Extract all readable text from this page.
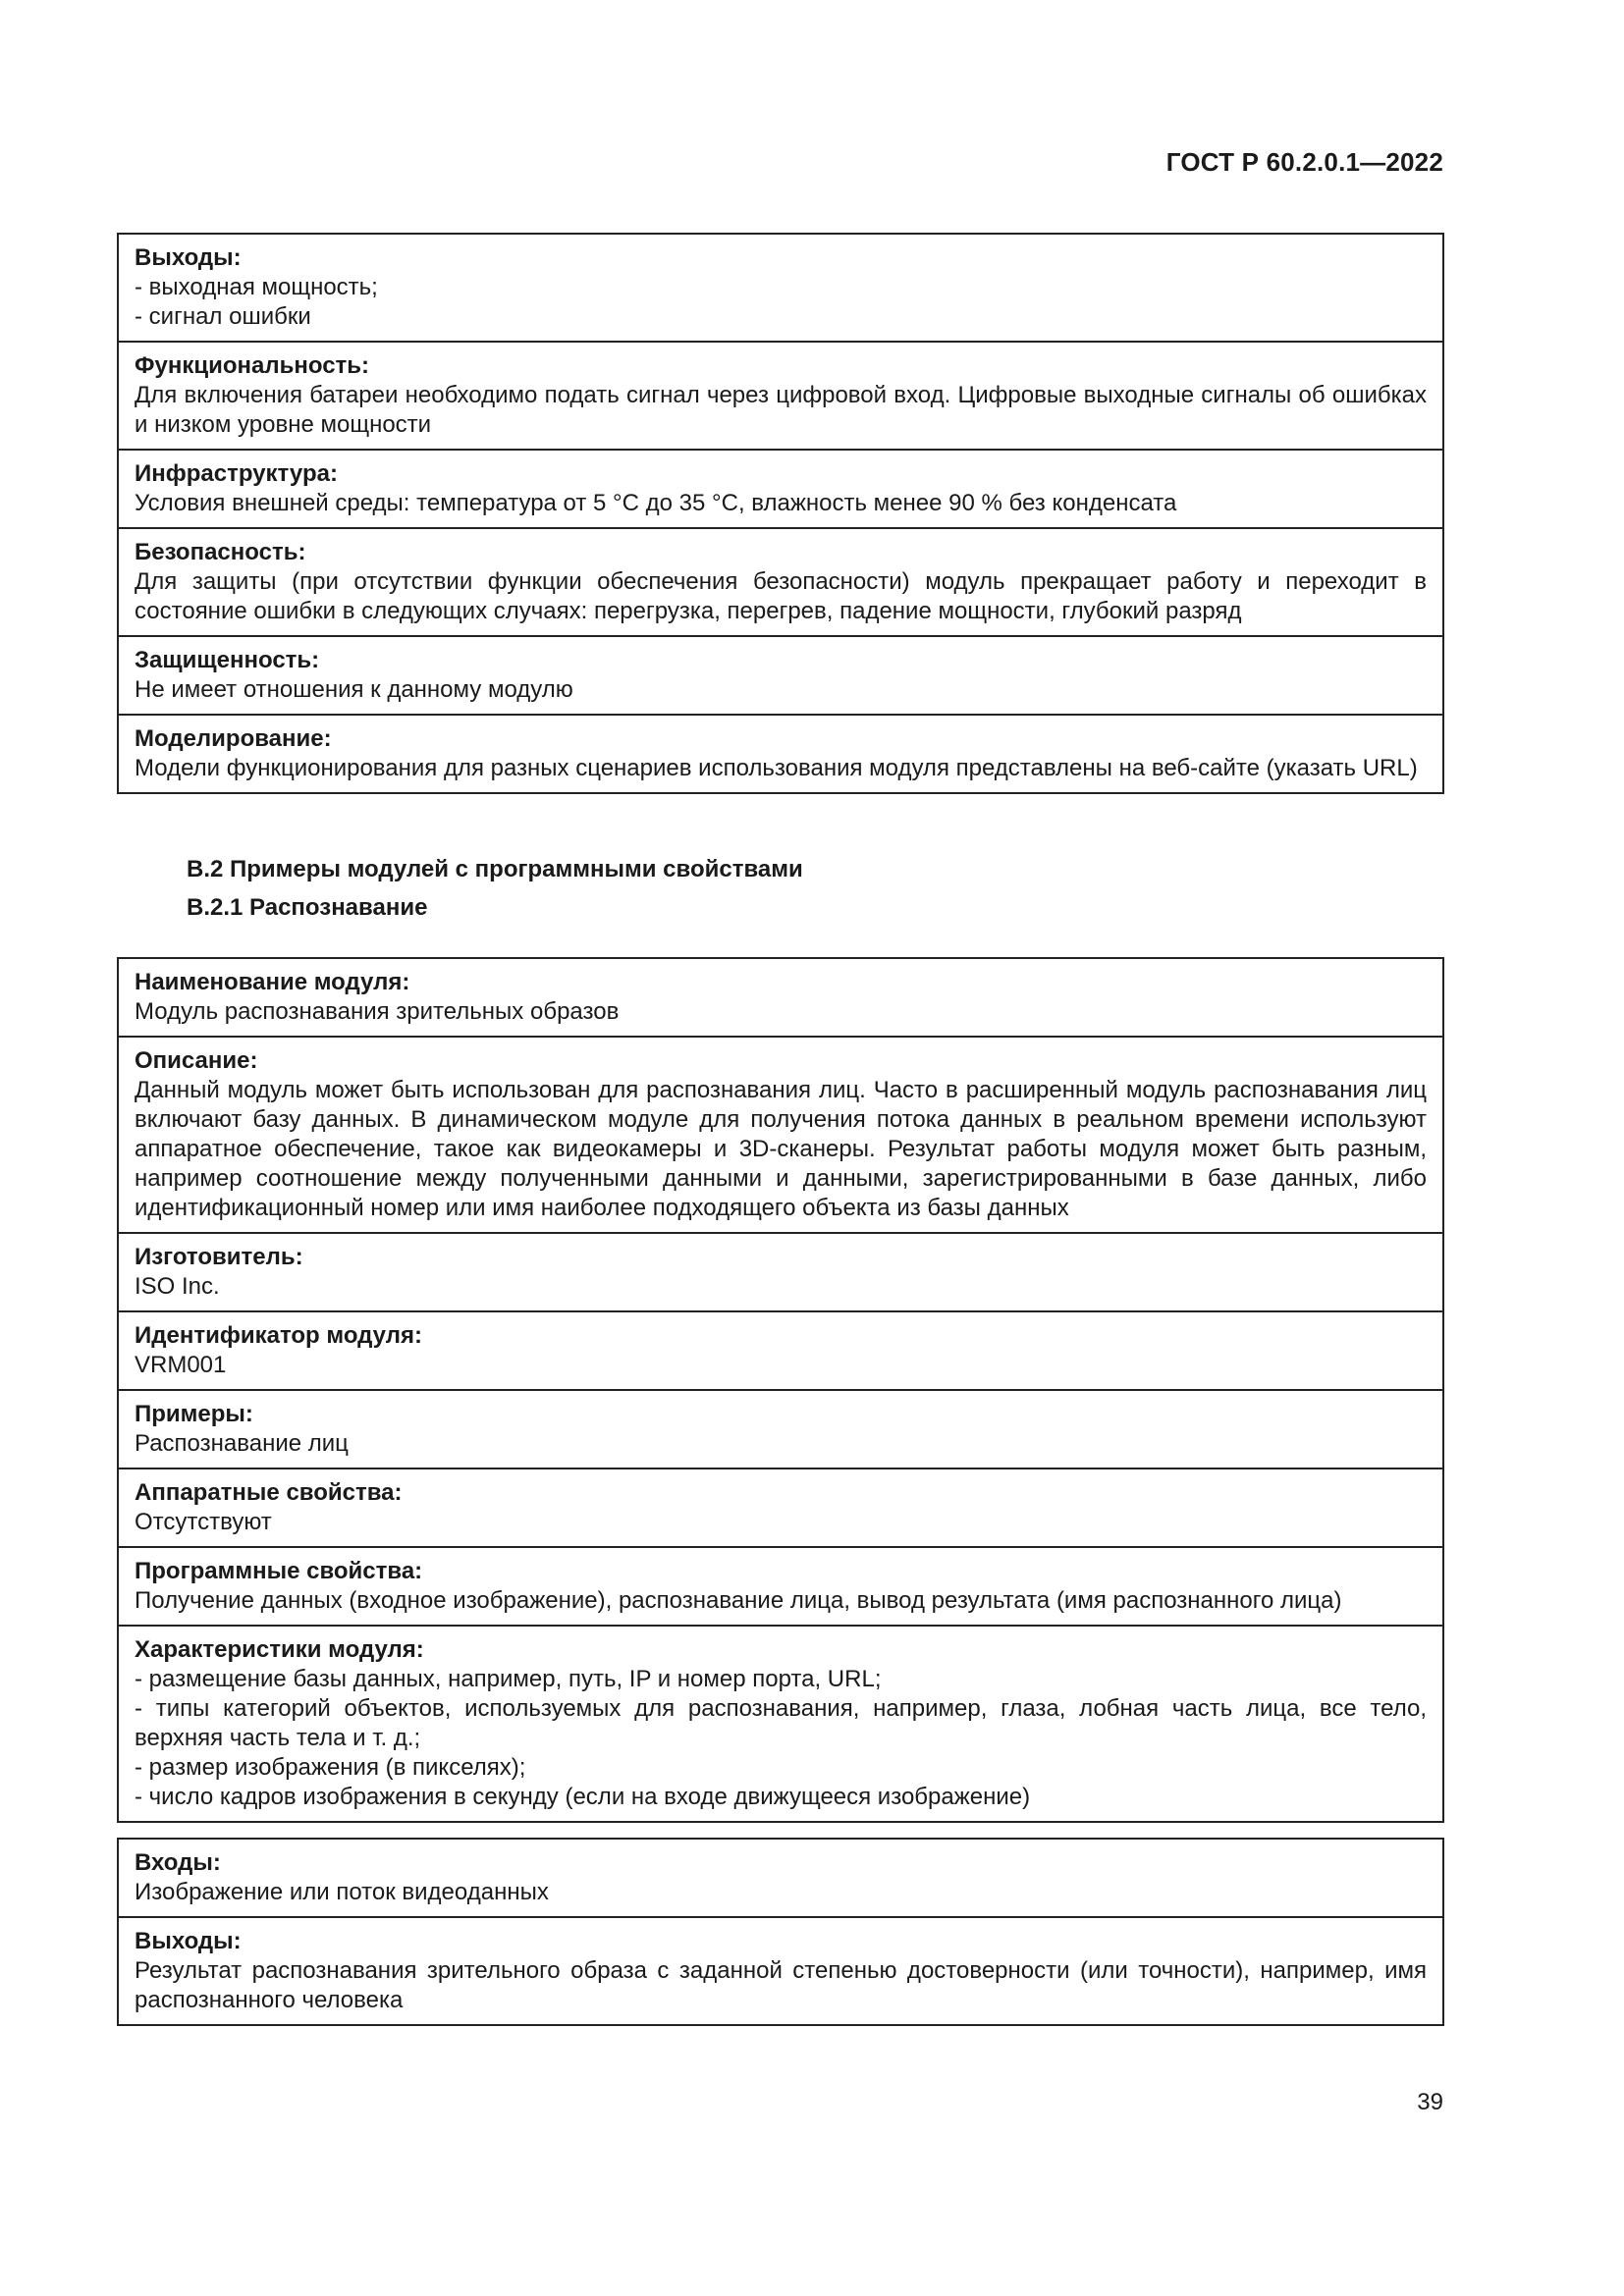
ГОСТ Р 60.2.0.1—2022
Выходы:
- выходная мощность;
- сигнал ошибки
Функциональность:
Для включения батареи необходимо подать сигнал через цифровой вход. Цифровые выходные сигналы об ошибках и низком уровне мощности
Инфраструктура:
Условия внешней среды: температура от 5 °С до 35 °С, влажность менее 90 % без конденсата
Безопасность:
Для защиты (при отсутствии функции обеспечения безопасности) модуль прекращает работу и переходит в состояние ошибки в следующих случаях: перегрузка, перегрев, падение мощности, глубокий разряд
Защищенность:
Не имеет отношения к данному модулю
Моделирование:
Модели функционирования для разных сценариев использования модуля представлены на веб-сайте (указать URL)
В.2 Примеры модулей с программными свойствами
В.2.1 Распознавание
Наименование модуля:
Модуль распознавания зрительных образов
Описание:
Данный модуль может быть использован для распознавания лиц. Часто в расширенный модуль распознавания лиц включают базу данных. В динамическом модуле для получения потока данных в реальном времени используют аппаратное обеспечение, такое как видеокамеры и 3D-сканеры. Результат работы модуля может быть разным, например соотношение между полученными данными и данными, зарегистрированными в базе данных, либо идентификационный номер или имя наиболее подходящего объекта из базы данных
Изготовитель:
ISO Inc.
Идентификатор модуля:
VRM001
Примеры:
Распознавание лиц
Аппаратные свойства:
Отсутствуют
Программные свойства:
Получение данных (входное изображение), распознавание лица, вывод результата (имя распознанного лица)
Характеристики модуля:
- размещение базы данных, например, путь, IP и номер порта, URL;
- типы категорий объектов, используемых для распознавания, например, глаза, лобная часть лица, все тело, верхняя часть тела и т. д.;
- размер изображения (в пикселях);
- число кадров изображения в секунду (если на входе движущееся изображение)
Входы:
Изображение или поток видеоданных
Выходы:
Результат распознавания зрительного образа с заданной степенью достоверности (или точности), например, имя распознанного человека
39
